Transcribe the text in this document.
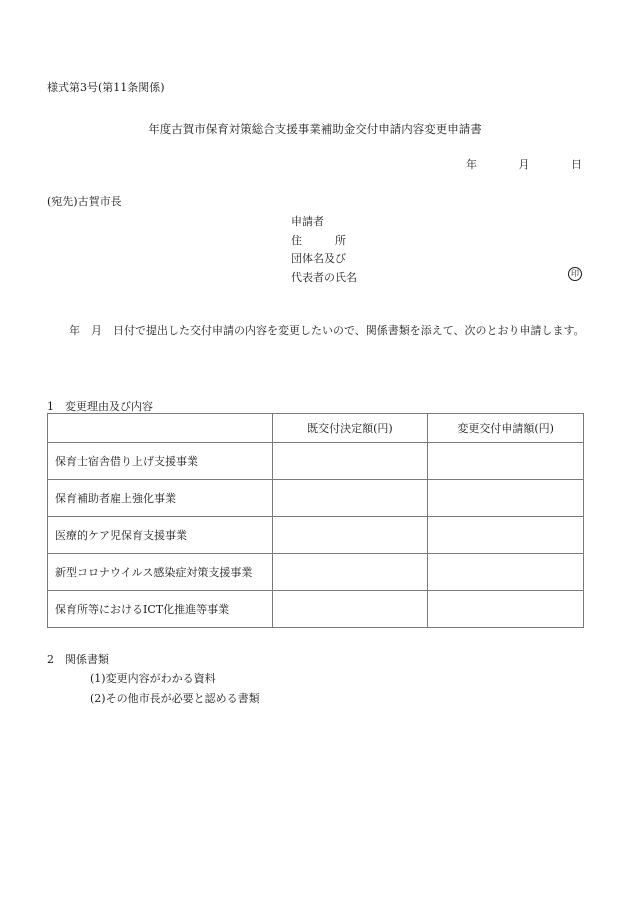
様式第3号(第11条関係)
年度古賀市保育対策総合支援事業補助金交付申請内容変更申請書
年	月	日
(宛先)古賀市長
申請者
住　　　所
団体名及び
代表者の氏名	印
年　月　日付で提出した交付申請の内容を変更したいので、関係書類を添えて、次のとおり申請します。
1　変更理由及び内容
	既交付決定額(円)	変更交付申請額(円)
保育士宿舎借り上げ支援事業		
保育補助者雇上強化事業		
医療的ケア児保育支援事業		
新型コロナウイルス感染症対策支援事業		
保育所等におけるICT化推進等事業		
2　関係書類
(1)変更内容がわかる資料
(2)その他市長が必要と認める書類
